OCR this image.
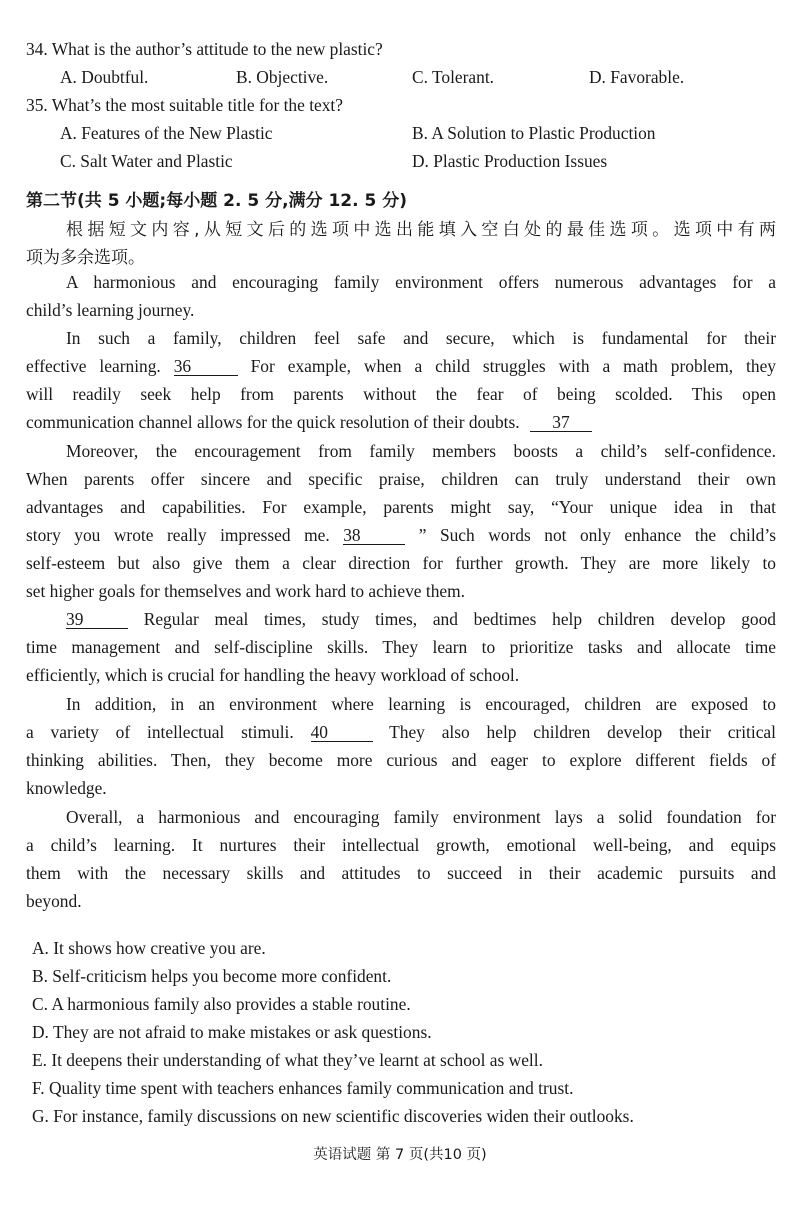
34. What is the author’s attitude to the new plastic?
A. Doubtful.	B. Objective.	C. Tolerant.	D. Favorable.
35. What’s the most suitable title for the text?
A. Features of the New Plastic	B. A Solution to Plastic Production
C. Salt Water and Plastic	D. Plastic Production Issues
第二节(共 5 小题;每小题 2. 5 分,满分 12. 5 分)
根据短文内容,从短文后的选项中选出能填入空白处的最佳选项。选项中有两
项为多余选项。
A harmonious and encouraging family environment offers numerous advantages for a
child’s learning journey.
In such a family, children feel safe and secure, which is fundamental for their
effective learning. 36	For example, when a child struggles with a math problem, they
will readily seek help from parents without the fear of being scolded. This open
communication channel allows for the quick resolution of their doubts. 37
Moreover, the encouragement from family members boosts a child’s self-confidence.
When parents offer sincere and specific praise, children can truly understand their own
advantages and capabilities. For example, parents might say, “Your unique idea in that
story you wrote really impressed me. 38	” Such words not only enhance the child’s
self-esteem but also give them a clear direction for further growth. They are more likely to
set higher goals for themselves and work hard to achieve them.
39	Regular meal times, study times, and bedtimes help children develop good
time management and self-discipline skills. They learn to prioritize tasks and allocate time
efficiently, which is crucial for handling the heavy workload of school.
In addition, in an environment where learning is encouraged, children are exposed to
a variety of intellectual stimuli. 40	They also help children develop their critical
thinking abilities. Then, they become more curious and eager to explore different fields of
knowledge.
Overall, a harmonious and encouraging family environment lays a solid foundation for
a child’s learning. It nurtures their intellectual growth, emotional well-being, and equips
them with the necessary skills and attitudes to succeed in their academic pursuits and
beyond.
A. It shows how creative you are.
B. Self-criticism helps you become more confident.
C. A harmonious family also provides a stable routine.
D. They are not afraid to make mistakes or ask questions.
E. It deepens their understanding of what they’ve learnt at school as well.
F. Quality time spent with teachers enhances family communication and trust.
G. For instance, family discussions on new scientific discoveries widen their outlooks.
英语试题 第 7 页(共10 页)
